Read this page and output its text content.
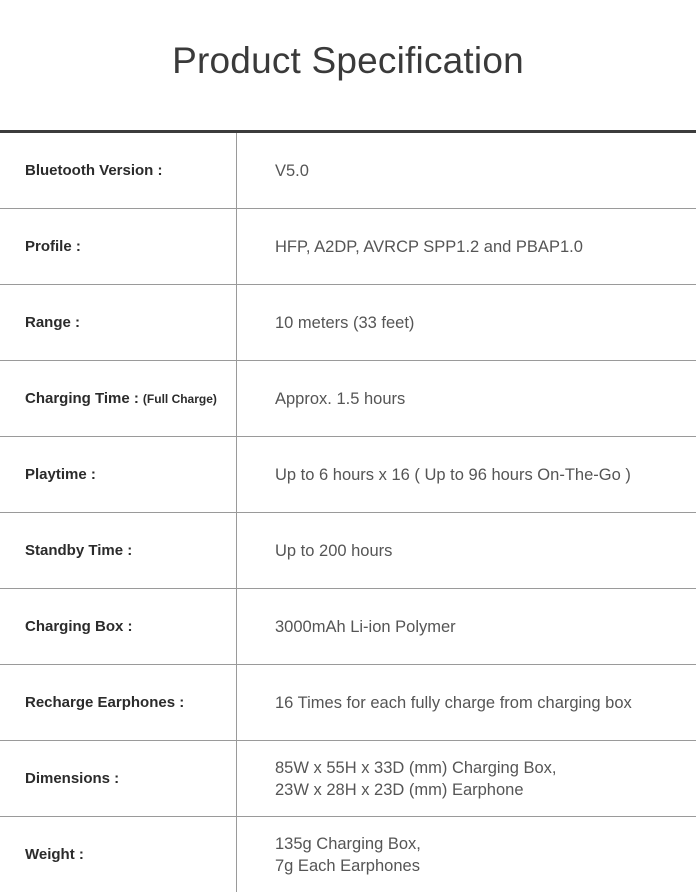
Product Specification
Bluetooth Version :	V5.0
Profile :	HFP, A2DP, AVRCP SPP1.2 and PBAP1.0
Range :	10 meters (33 feet)
Charging Time : (Full Charge)	Approx. 1.5 hours
Playtime :	Up to 6 hours x 16 ( Up to 96 hours On-The-Go )
Standby Time :	Up to 200 hours
Charging Box :	3000mAh Li-ion Polymer
Recharge Earphones :	16 Times for each fully charge from charging box
Dimensions :
85W x 55H x 33D (mm) Charging Box,
23W x 28H x 23D (mm) Earphone
Weight :
135g Charging Box,
7g Each Earphones
